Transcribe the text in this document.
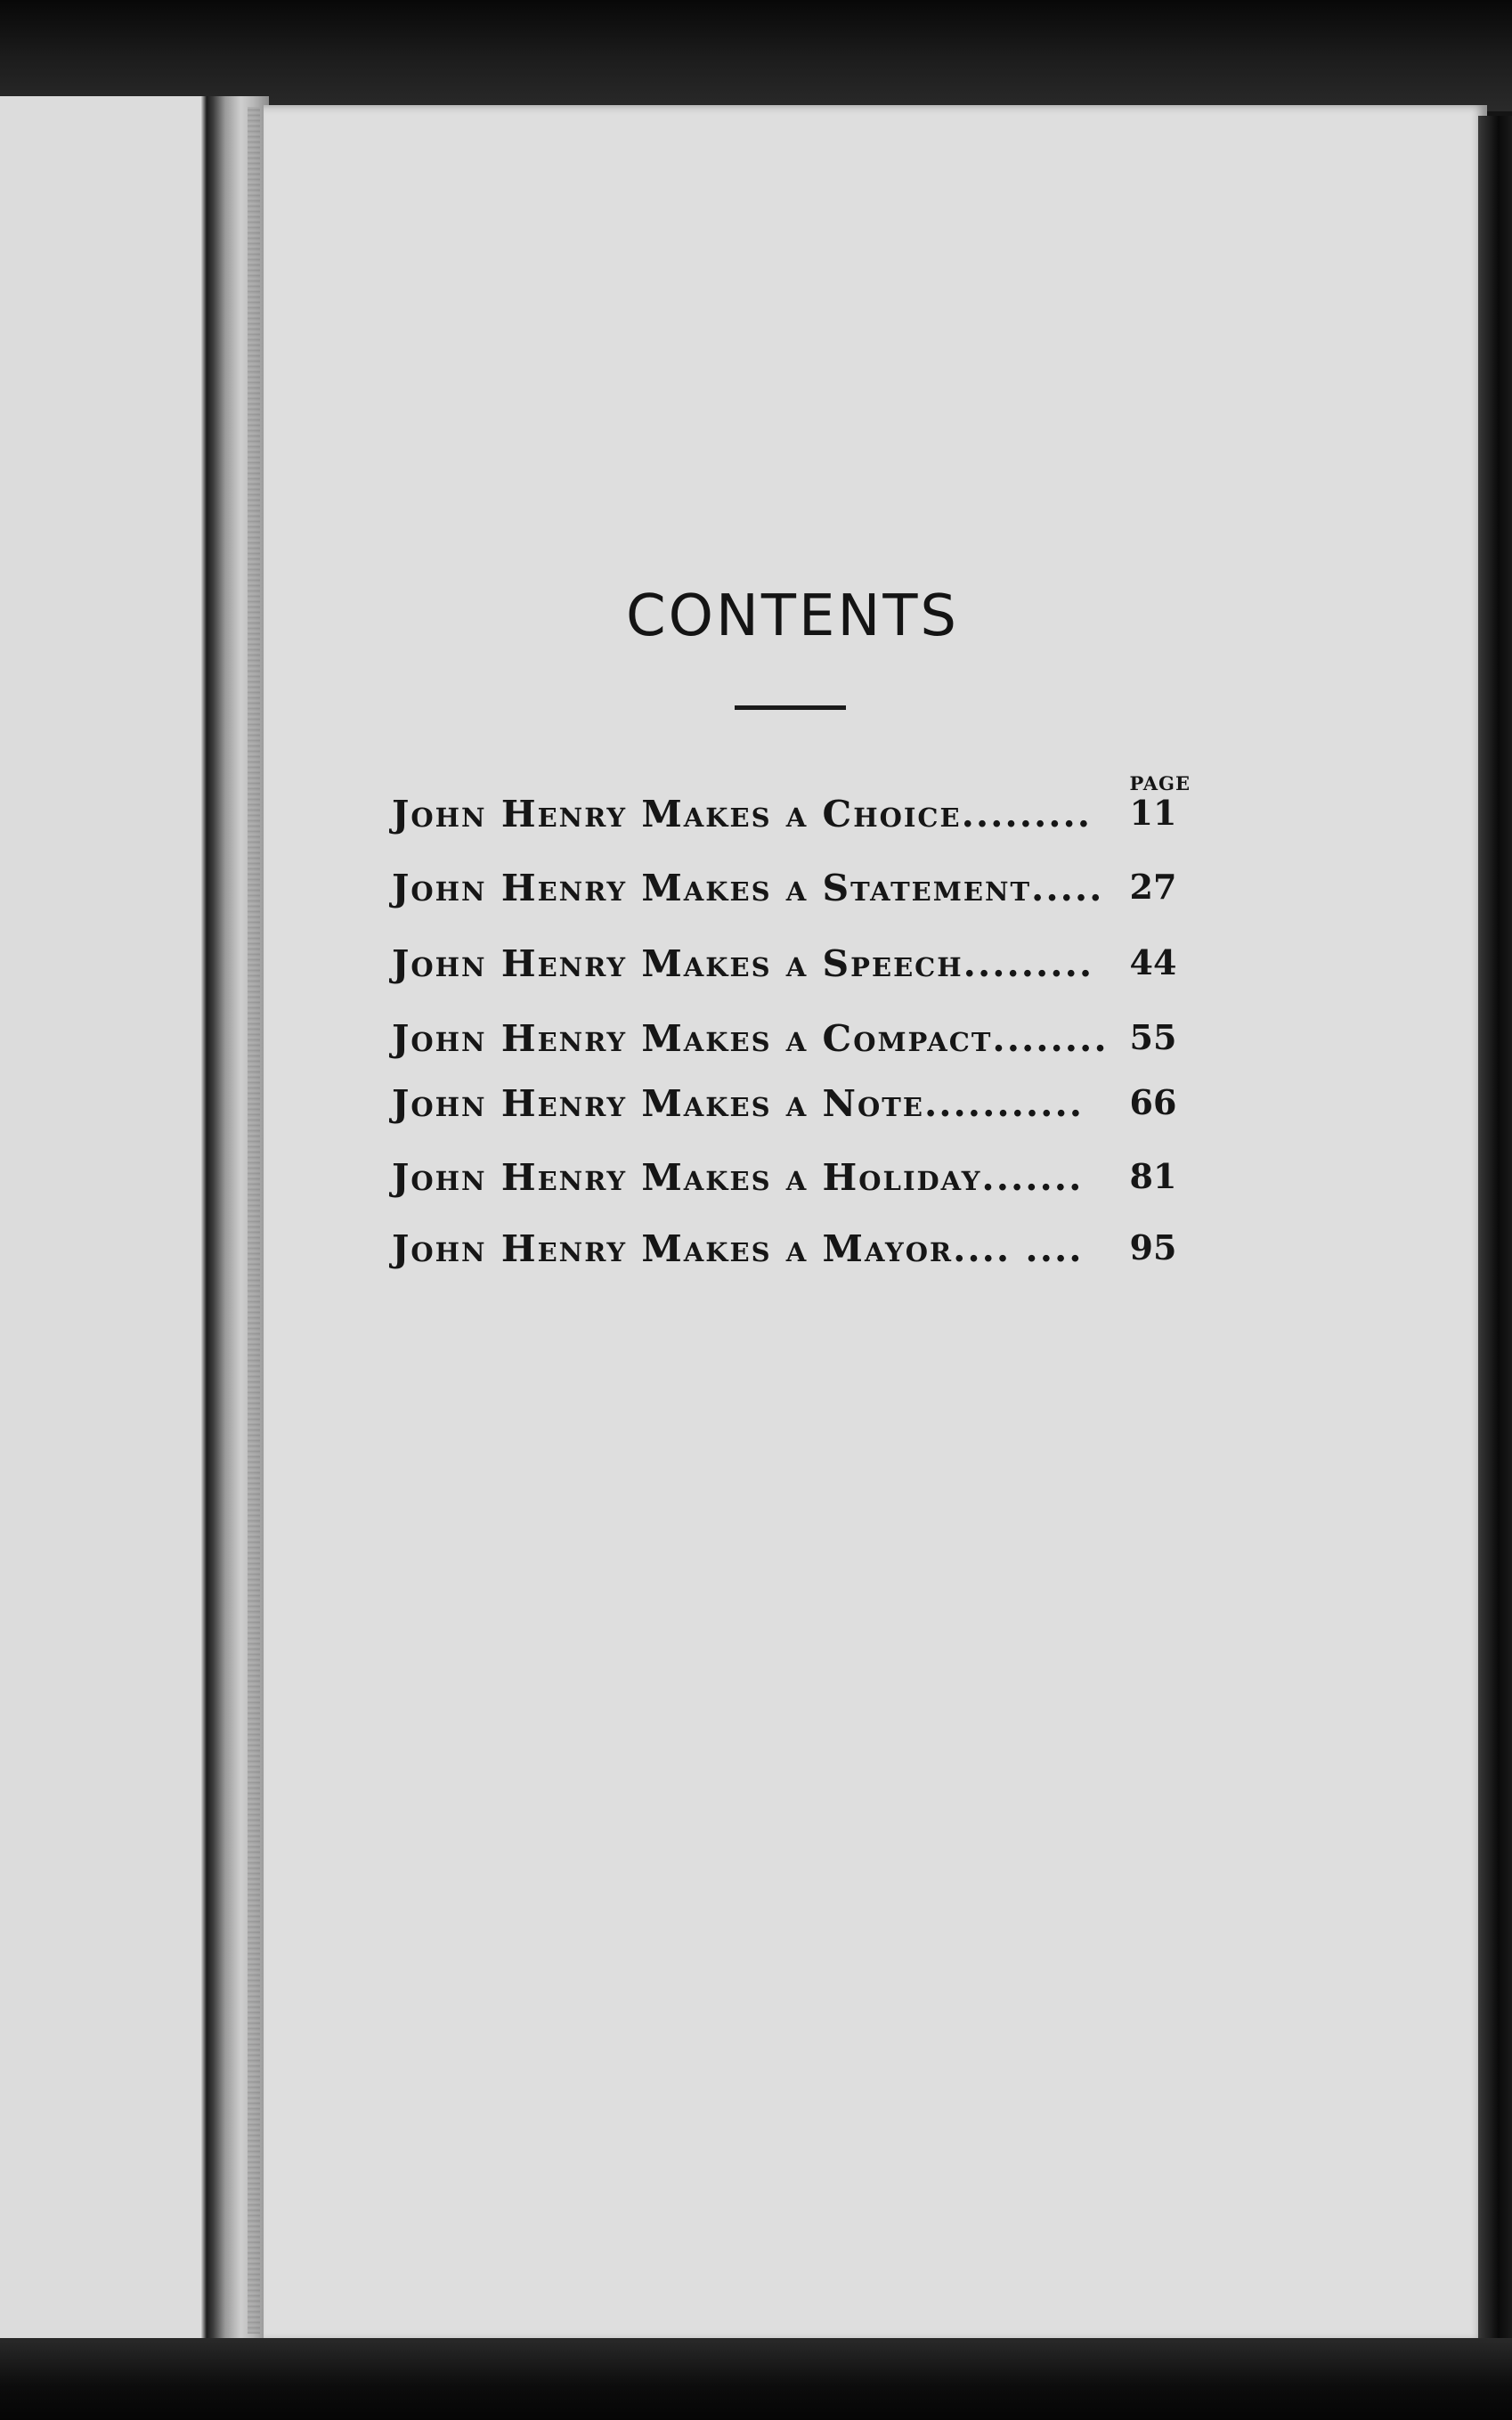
CONTENTS
PAGE
John Henry Makes a Choice.........	11
John Henry Makes a Statement..... 27
John Henry Makes a Speech.........	44
John Henry Makes a Compact........ 55
John Henry Makes a Note...........	66
John Henry Makes a Holiday.......	81
John Henry Makes a Mayor.... ....	95
